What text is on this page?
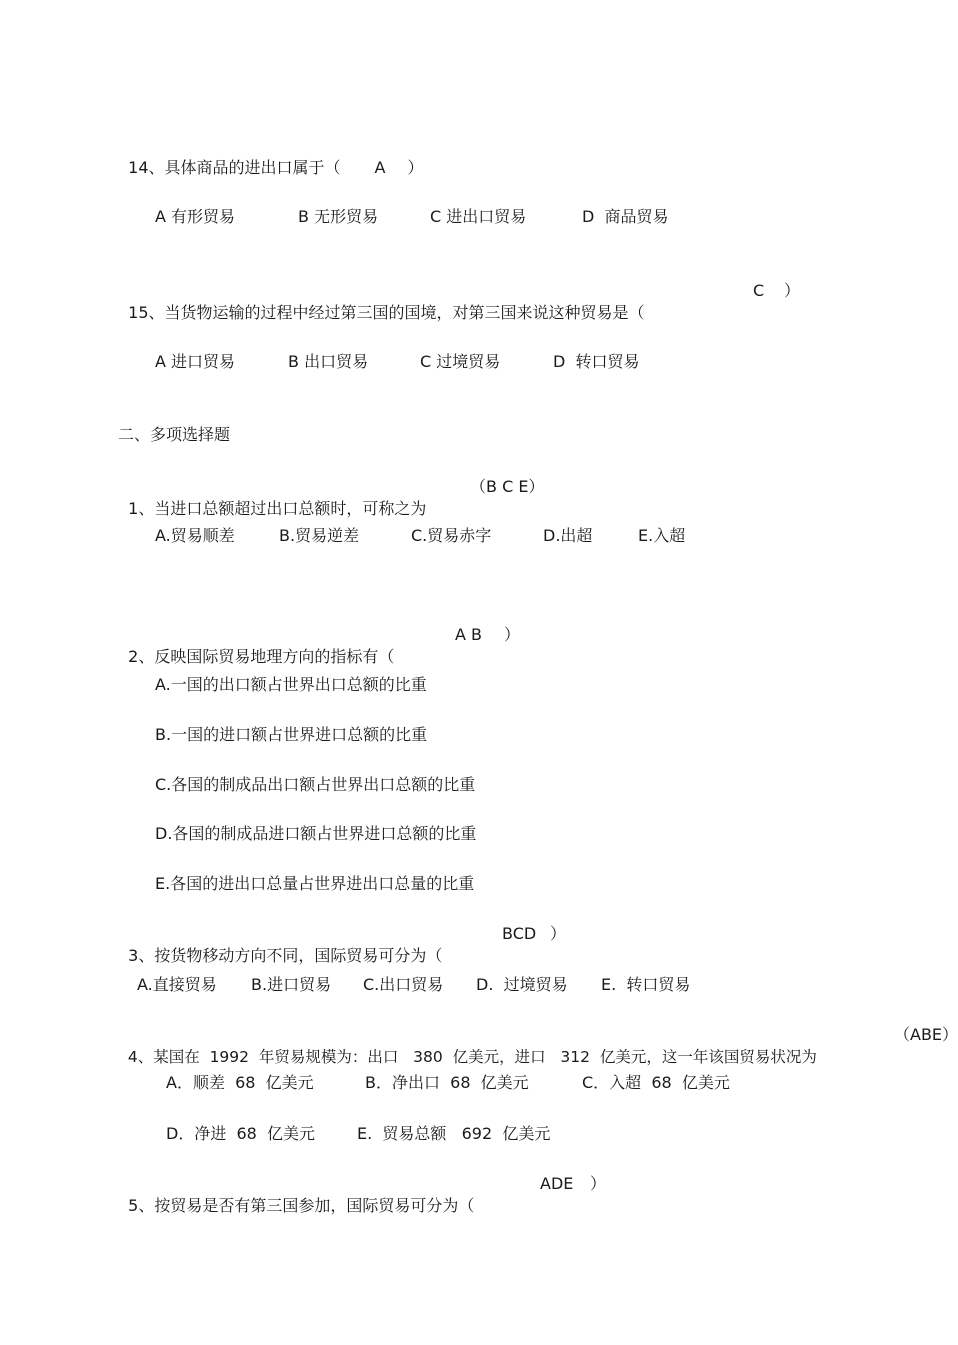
14、具体商品的进出口属于（ A ）

A 有形贸易	B 无形贸易	C 进出口贸易	D  商品贸易

15、当货物运输的过程中经过第三国的国境，对第三国来说这种贸易是（

C ）
A 进口贸易	B 出口贸易	C 过境贸易	D  转口贸易
二、多项选择题

1、当进口总额超过出口总额时，可称之为

（B C E）
A.贸易顺差	B.贸易逆差	C.贸易赤字	D.出超	E.入超

2、反映国际贸易地理方向的指标有（

A B ）
A.一国的出口额占世界出口总额的比重
B.一国的进口额占世界进口总额的比重
C.各国的制成品出口额占世界出口总额的比重
D.各国的制成品进口额占世界进口总额的比重
E.各国的进出口总量占世界进出口总量的比重

3、按货物移动方向不同，国际贸易可分为（

BCD ）
A.直接贸易 B.进口贸易 C.出口贸易 D.  过境贸易 E.  转口贸易

4、某国在  1992  年贸易规模为：出口   380  亿美元，进口   312  亿美元，这一年该国贸易状况为

（ABE）
A．顺差  68  亿美元	B．净出口  68  亿美元	C．入超  68  亿美元
D．净进  68  亿美元	E.  贸易总额   692  亿美元

5、按贸易是否有第三国参加，国际贸易可分为（

ADE ）
